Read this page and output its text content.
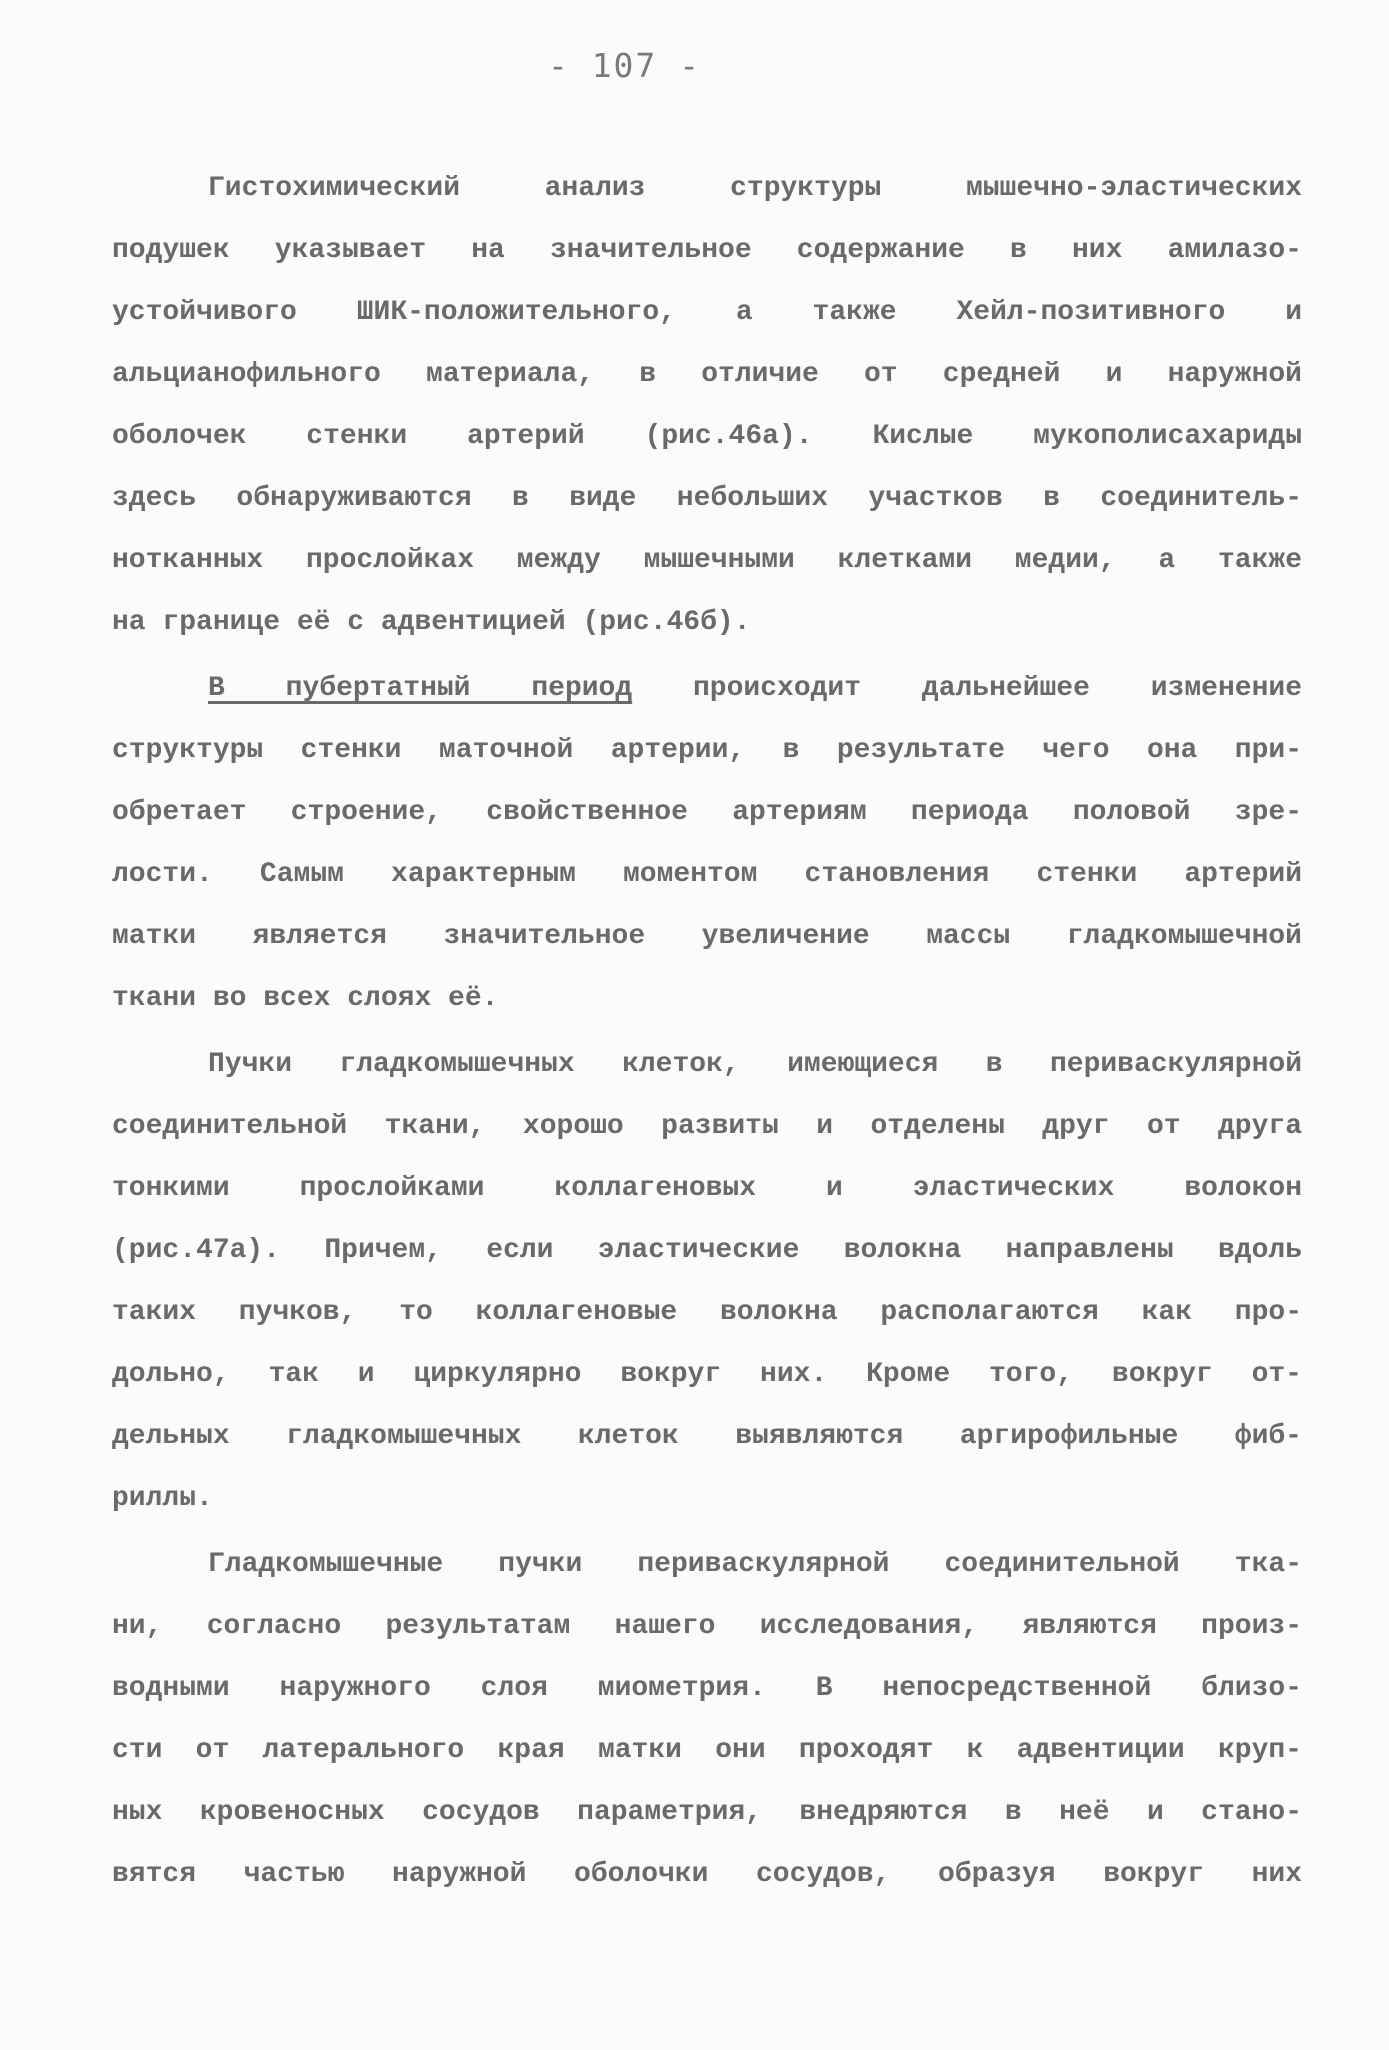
- 107 -
Гистохимический анализ структуры мышечно-эластических
подушек указывает на значительное содержание в них амилазо-
устойчивого ШИК-положительного, а также Хейл-позитивного и
альцианофильного материала, в отличие от средней и наружной
оболочек стенки артерий (рис.46а). Кислые мукополисахариды
здесь обнаруживаются в виде небольших участков в соединитель-
нотканных прослойках между мышечными клетками медии, а также
на границе её с адвентицией (рис.46б).
В пубертатный период происходит дальнейшее изменение
структуры стенки маточной артерии, в результате чего она при-
обретает строение, свойственное артериям периода половой зре-
лости. Самым характерным моментом становления стенки артерий
матки является значительное увеличение массы гладкомышечной
ткани во всех слоях её.
Пучки гладкомышечных клеток, имеющиеся в периваскулярной
соединительной ткани, хорошо развиты и отделены друг от друга
тонкими прослойками коллагеновых и эластических волокон
(рис.47а). Причем, если эластические волокна направлены вдоль
таких пучков, то коллагеновые волокна располагаются как про-
дольно, так и циркулярно вокруг них. Кроме того, вокруг от-
дельных гладкомышечных клеток выявляются аргирофильные фиб-
риллы.
Гладкомышечные пучки периваскулярной соединительной тка-
ни, согласно результатам нашего исследования, являются произ-
водными наружного слоя миометрия. В непосредственной близо-
сти от латерального края матки они проходят к адвентиции круп-
ных кровеносных сосудов параметрия, внедряются в неё и стано-
вятся частью наружной оболочки сосудов, образуя вокруг них
